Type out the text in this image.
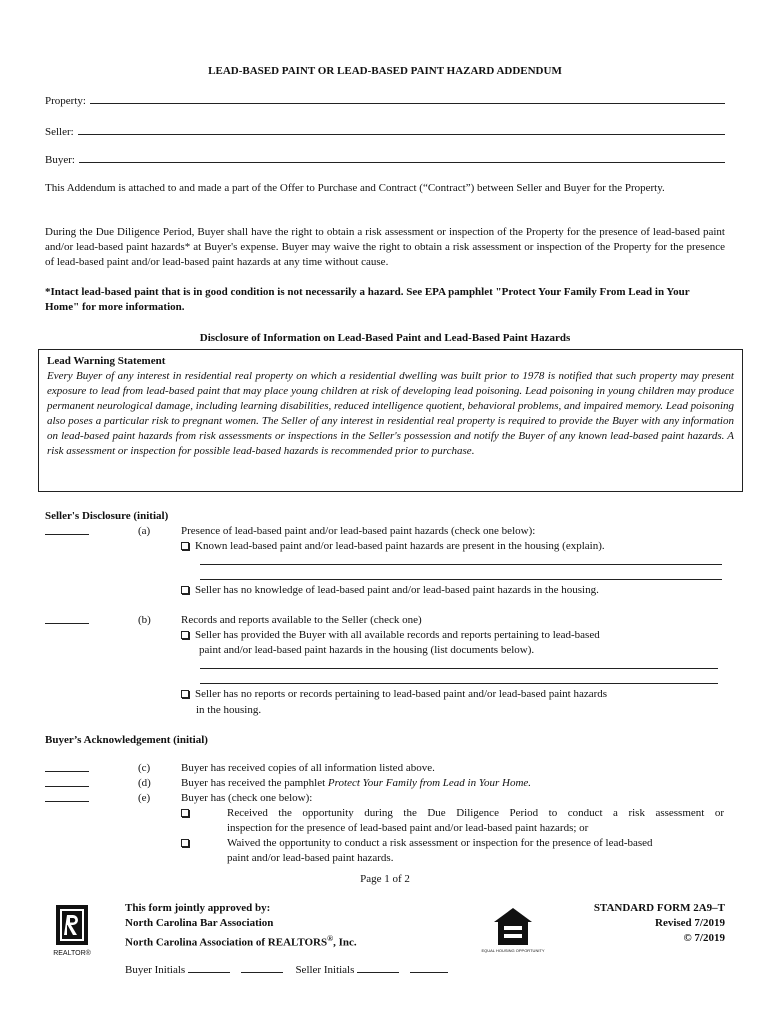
LEAD-BASED PAINT OR LEAD-BASED PAINT HAZARD ADDENDUM
Property:
Seller:
Buyer:
This Addendum is attached to and made a part of the Offer to Purchase and Contract (“Contract”) between Seller and Buyer for the Property.
During the Due Diligence Period, Buyer shall have the right to obtain a risk assessment or inspection of the Property for the presence of lead-based paint and/or lead-based paint hazards* at Buyer's expense. Buyer may waive the right to obtain a risk assessment or inspection of the Property for the presence of lead-based paint and/or lead-based paint hazards at any time without cause.
*Intact lead-based paint that is in good condition is not necessarily a hazard. See EPA pamphlet "Protect Your Family From Lead in Your Home" for more information.
Disclosure of Information on Lead-Based Paint and Lead-Based Paint Hazards
Lead Warning Statement
Every Buyer of any interest in residential real property on which a residential dwelling was built prior to 1978 is notified that such property may present exposure to lead from lead-based paint that may place young children at risk of developing lead poisoning. Lead poisoning in young children may produce permanent neurological damage, including learning disabilities, reduced intelligence quotient, behavioral problems, and impaired memory. Lead poisoning also poses a particular risk to pregnant women. The Seller of any interest in residential real property is required to provide the Buyer with any information on lead-based paint hazards from risk assessments or inspections in the Seller's possession and notify the Buyer of any known lead-based paint hazards. A risk assessment or inspection for possible lead-based hazards is recommended prior to purchase.
Seller's Disclosure (initial)
(a)	Presence of lead-based paint and/or lead-based paint hazards (check one below):
Known lead-based paint and/or lead-based paint hazards are present in the housing (explain).
Seller has no knowledge of lead-based paint and/or lead-based paint hazards in the housing.
(b)	Records and reports available to the Seller (check one)
Seller has provided the Buyer with all available records and reports pertaining to lead-based
paint and/or lead-based paint hazards in the housing (list documents below).
Seller has no reports or records pertaining to lead-based paint and/or lead-based paint hazards
in the housing.
Buyer’s Acknowledgement (initial)
(c)	Buyer has received copies of all information listed above.
(d)	Buyer has received the pamphlet Protect Your Family from Lead in Your Home.
(e)	Buyer has (check one below):
Received the opportunity during the Due Diligence Period to conduct a risk assessment or
inspection for the presence of lead-based paint and/or lead-based paint hazards; or
Waived the opportunity to conduct a risk assessment or inspection for the presence of lead-based
paint and/or lead-based paint hazards.
Page 1 of 2
REALTOR®
This form jointly approved by:
North Carolina Bar Association
North Carolina Association of REALTORS®, Inc.
EQUAL HOUSING OPPORTUNITY
STANDARD FORM 2A9–T
Revised 7/2019
© 7/2019
Buyer Initials	Seller Initials
